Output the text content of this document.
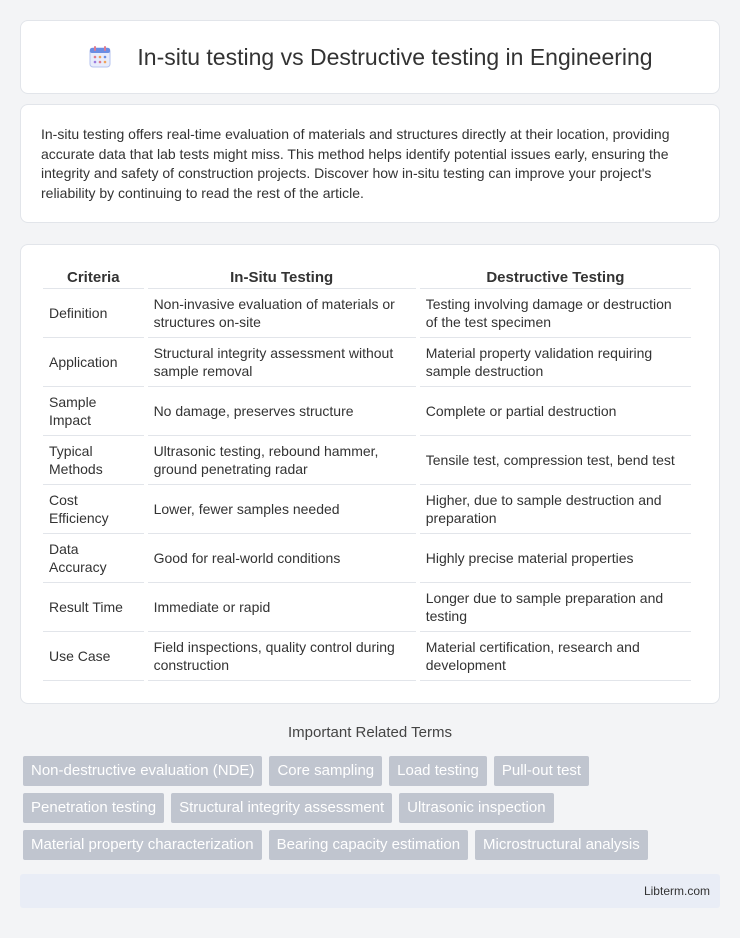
In-situ testing vs Destructive testing in Engineering

In-situ testing offers real-time evaluation of materials and structures directly at their location, providing accurate data that lab tests might miss. This method helps identify potential issues early, ensuring the integrity and safety of construction projects. Discover how in-situ testing can improve your project's reliability by continuing to read the rest of the article.

Criteria	In-Situ Testing	Destructive Testing
Definition	Non-invasive evaluation of materials or structures on-site	Testing involving damage or destruction of the test specimen
Application	Structural integrity assessment without sample removal	Material property validation requiring sample destruction
Sample Impact	No damage, preserves structure	Complete or partial destruction
Typical Methods	Ultrasonic testing, rebound hammer, ground penetrating radar	Tensile test, compression test, bend test
Cost Efficiency	Lower, fewer samples needed	Higher, due to sample destruction and preparation
Data Accuracy	Good for real-world conditions	Highly precise material properties
Result Time	Immediate or rapid	Longer due to sample preparation and testing
Use Case	Field inspections, quality control during construction	Material certification, research and development
Important Related Terms
Non-destructive evaluation (NDE)	Core sampling	Load testing	Pull-out test
Penetration testing	Structural integrity assessment	Ultrasonic inspection
Material property characterization	Bearing capacity estimation	Microstructural analysis
Libterm.com
